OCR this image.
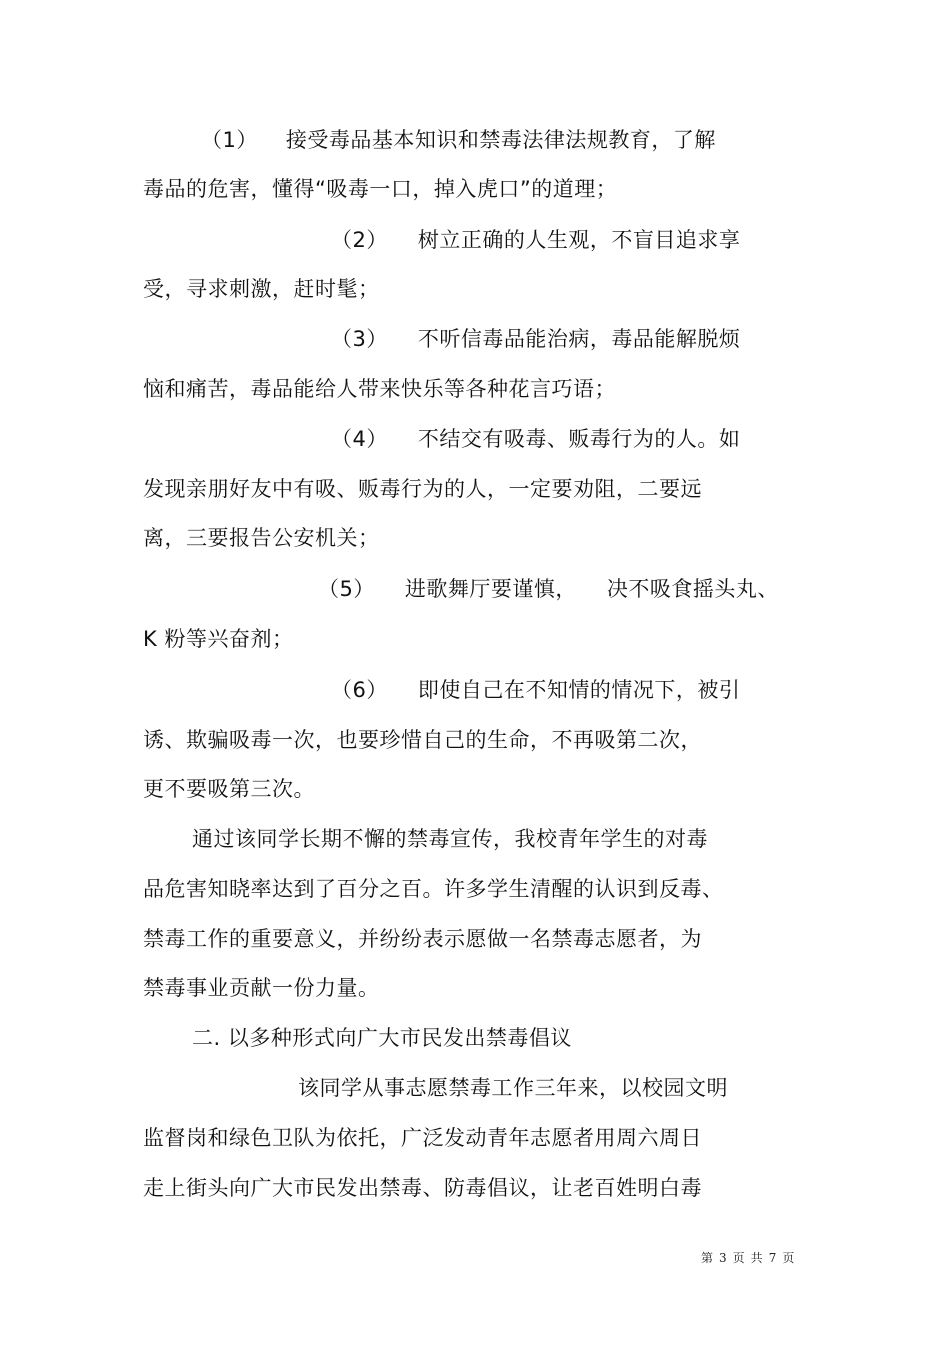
（1） 接受毒品基本知识和禁毒法律法规教育，了解
毒品的危害，懂得“吸毒一口，掉入虎口”的道理；
（2） 树立正确的人生观，不盲目追求享
受，寻求刺激，赶时髦；
（3） 不听信毒品能治病，毒品能解脱烦
恼和痛苦，毒品能给人带来快乐等各种花言巧语；
（4） 不结交有吸毒、贩毒行为的人。如
发现亲朋好友中有吸、贩毒行为的人，一定要劝阻，二要远
离，三要报告公安机关；
（5） 进歌舞厅要谨慎， 决不吸食摇头丸、
K 粉等兴奋剂；
（6） 即使自己在不知情的情况下，被引
诱、欺骗吸毒一次，也要珍惜自己的生命，不再吸第二次，
更不要吸第三次。
通过该同学长期不懈的禁毒宣传，我校青年学生的对毒
品危害知晓率达到了百分之百。许多学生清醒的认识到反毒、
禁毒工作的重要意义，并纷纷表示愿做一名禁毒志愿者，为
禁毒事业贡献一份力量。
二. 以多种形式向广大市民发出禁毒倡议
该同学从事志愿禁毒工作三年来，以校园文明
监督岗和绿色卫队为依托，广泛发动青年志愿者用周六周日
走上街头向广大市民发出禁毒、防毒倡议，让老百姓明白毒
第 3 页 共 7 页
